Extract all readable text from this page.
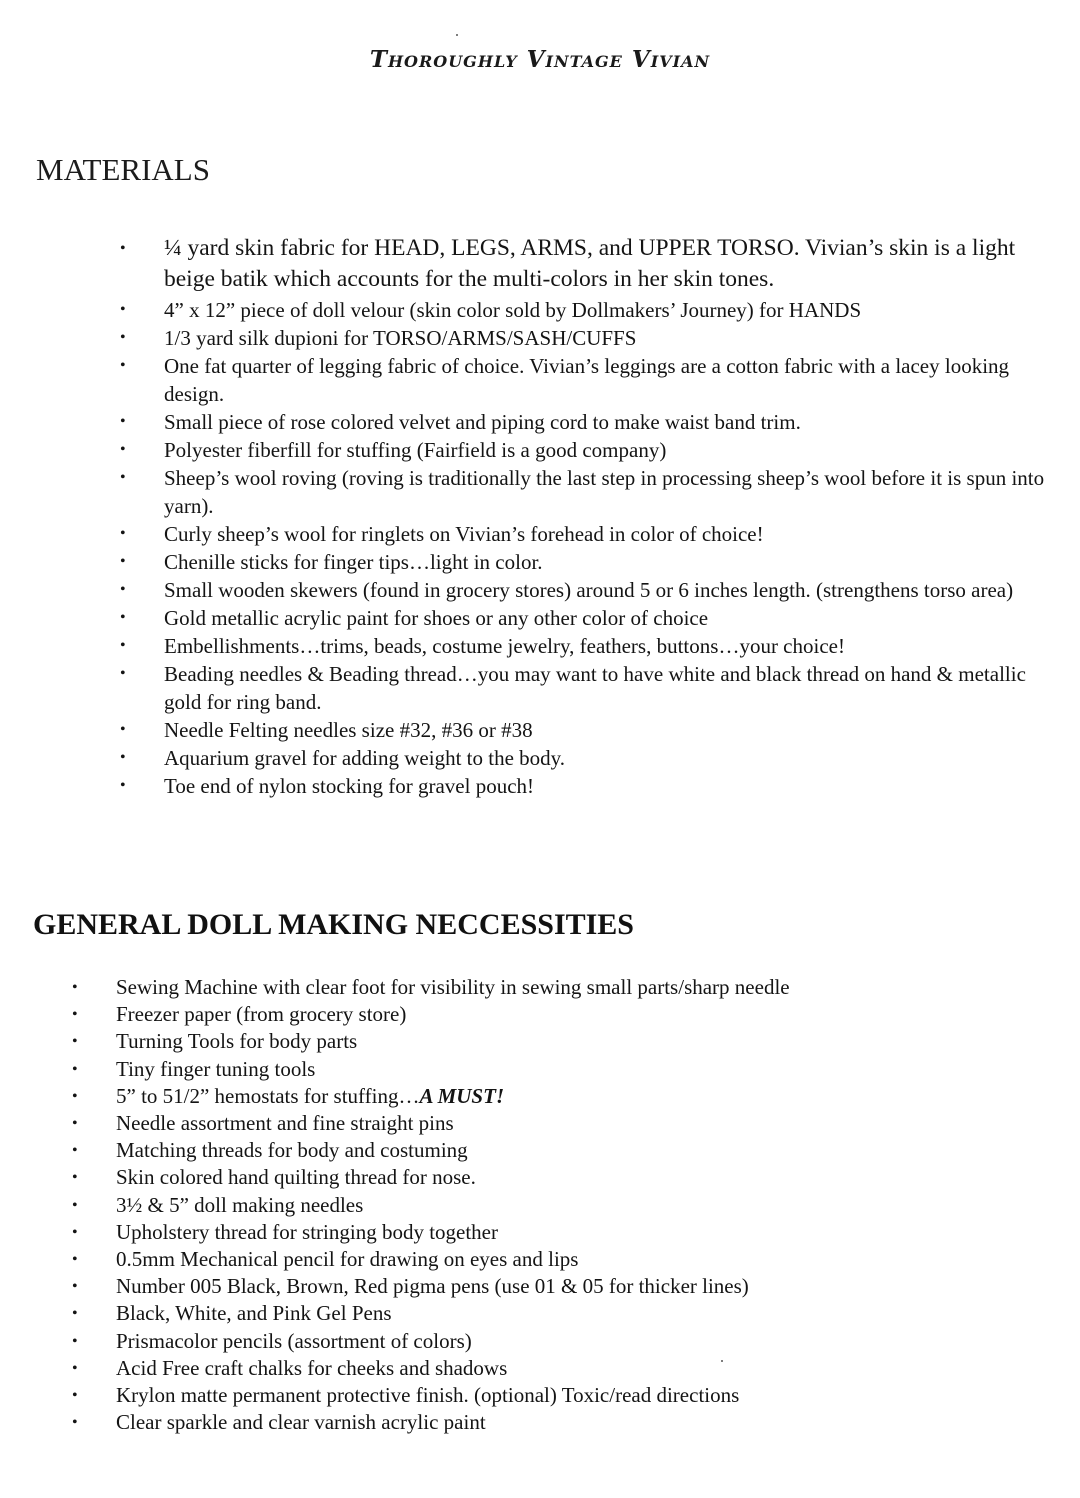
Thoroughly Vintage Vivian
MATERIALS
• ¼ yard skin fabric for HEAD, LEGS, ARMS, and UPPER TORSO. Vivian’s skin is a light beige batik which accounts for the multi-colors in her skin tones.
• 4” x 12” piece of doll velour (skin color sold by Dollmakers’ Journey) for HANDS
• 1/3 yard silk dupioni for TORSO/ARMS/SASH/CUFFS
• One fat quarter of legging fabric of choice. Vivian’s leggings are a cotton fabric with a lacey looking design.
• Small piece of rose colored velvet and piping cord to make waist band trim.
• Polyester fiberfill for stuffing (Fairfield is a good company)
• Sheep’s wool roving (roving is traditionally the last step in processing sheep’s wool before it is spun into yarn).
• Curly sheep’s wool for ringlets on Vivian’s forehead in color of choice!
• Chenille sticks for finger tips…light in color.
• Small wooden skewers (found in grocery stores) around 5 or 6 inches length. (strengthens torso area)
• Gold metallic acrylic paint for shoes or any other color of choice
• Embellishments…trims, beads, costume jewelry, feathers, buttons…your choice!
• Beading needles & Beading thread…you may want to have white and black thread on hand & metallic gold for ring band.
• Needle Felting needles size #32, #36 or #38
• Aquarium gravel for adding weight to the body.
• Toe end of nylon stocking for gravel pouch!
GENERAL DOLL MAKING NECCESSITIES
• Sewing Machine with clear foot for visibility in sewing small parts/sharp needle
• Freezer paper (from grocery store)
• Turning Tools for body parts
• Tiny finger tuning tools
• 5” to 51/2” hemostats for stuffing…A MUST!
• Needle assortment and fine straight pins
• Matching threads for body and costuming
• Skin colored hand quilting thread for nose.
• 3½ & 5” doll making needles
• Upholstery thread for stringing body together
• 0.5mm Mechanical pencil for drawing on eyes and lips
• Number 005 Black, Brown, Red pigma pens (use 01 & 05 for thicker lines)
• Black, White, and Pink Gel Pens
• Prismacolor pencils (assortment of colors)
• Acid Free craft chalks for cheeks and shadows
• Krylon matte permanent protective finish. (optional) Toxic/read directions
• Clear sparkle and clear varnish acrylic paint
